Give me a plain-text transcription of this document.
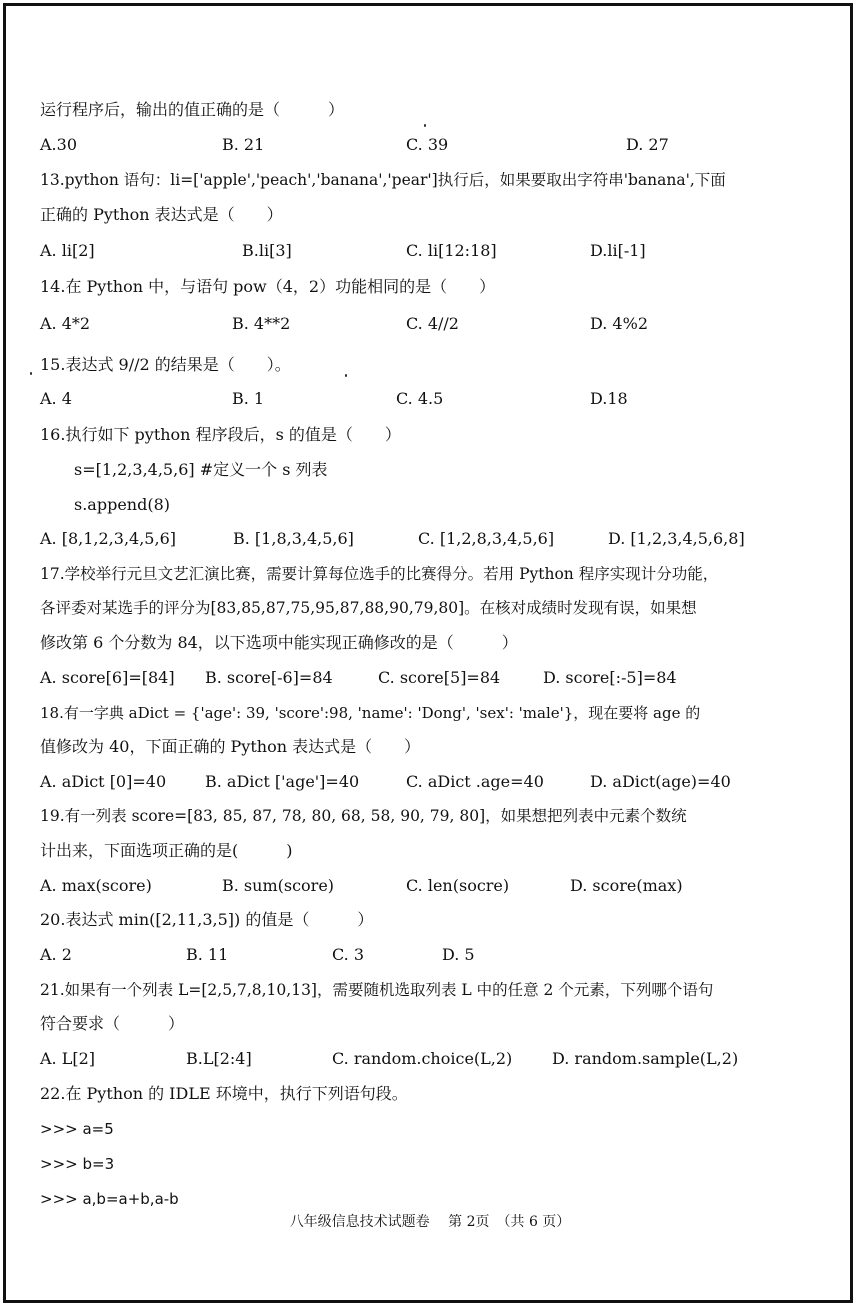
运行程序后，输出的值正确的是（　　　）
A.30	B. 21	C. 39	D. 27
13.python 语句：li=['apple','peach','banana','pear']执行后，如果要取出字符串'banana',下面
正确的 Python 表达式是（　　）
A. li[2]	B.li[3]	C. li[12:18]	D.li[-1]
14.在 Python 中，与语句 pow（4，2）功能相同的是（　　）
A. 4*2	B. 4**2	C. 4//2	D. 4%2
15.表达式 9//2 的结果是（　　）。
A. 4	B. 1	C. 4.5	D.18
16.执行如下 python 程序段后，s 的值是（　　）
s=[1,2,3,4,5,6] #定义一个 s 列表
s.append(8)
A. [8,1,2,3,4,5,6]	B. [1,8,3,4,5,6]	C. [1,2,8,3,4,5,6]	D. [1,2,3,4,5,6,8]
17.学校举行元旦文艺汇演比赛，需要计算每位选手的比赛得分。若用 Python 程序实现计分功能，
各评委对某选手的评分为[83,85,87,75,95,87,88,90,79,80]。在核对成绩时发现有误，如果想
修改第 6 个分数为 84，以下选项中能实现正确修改的是（　　　）
A. score[6]=[84] B. score[-6]=84	C. score[5]=84	D. score[:-5]=84
18.有一字典 aDict = {'age': 39, 'score':98, 'name': 'Dong', 'sex': 'male'}，现在要将 age 的
值修改为 40，下面正确的 Python 表达式是（　　）
A. aDict [0]=40 B. aDict ['age']=40	C. aDict .age=40	D. aDict(age)=40
19.有一列表 score=[83, 85, 87, 78, 80, 68, 58, 90, 79, 80]，如果想把列表中元素个数统
计出来，下面选项正确的是(　　　)
A. max(score)	B. sum(score)	C. len(socre)	D. score(max)
20.表达式 min([2,11,3,5]) 的值是（　　　）
A. 2	B. 11	C. 3	D. 5
21.如果有一个列表 L=[2,5,7,8,10,13]，需要随机选取列表 L 中的任意 2 个元素，下列哪个语句
符合要求（　　　）
A. L[2]	B.L[2:4]	C. random.choice(L,2) D. random.sample(L,2)
22.在 Python 的 IDLE 环境中，执行下列语句段。
>>> a=5
>>> b=3
>>> a,b=a+b,a-b
八年级信息技术试题卷　 第 2页　（共 6 页）
